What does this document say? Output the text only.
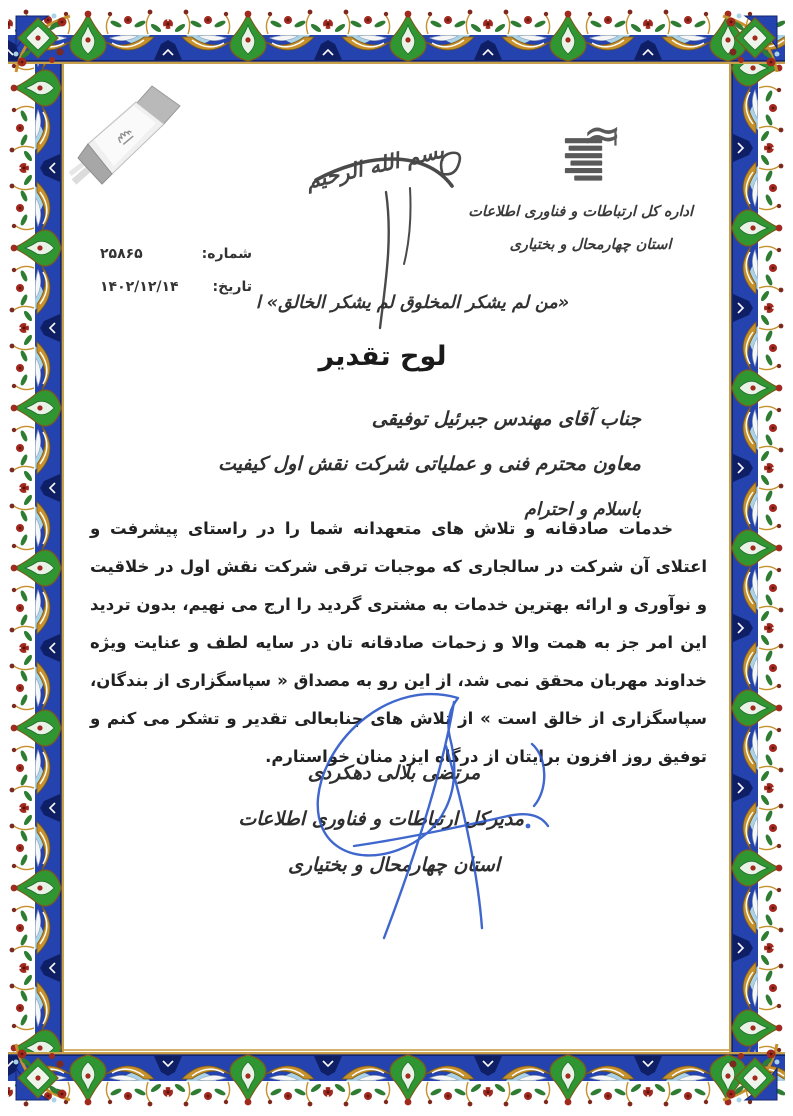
بسم الله الرحیم
اداره کل ارتباطات و فناوری اطلاعات
استان چهارمحال و بختیاری
شماره:
۲۵۸۶۵
تاریخ:
۱۴۰۲/۱۲/۱۴
«من لم یشکر المخلوق لم یشکر الخالق» ا
لوح تقدیر
جناب آقای مهندس جبرئیل توفیقی
معاون محترم فنی و عملیاتی شرکت نقش اول کیفیت
باسلام و احترام
خدمات صادقانه و تلاش های متعهدانه شما را در راستای پیشرفت و اعتلای آن شرکت در سالجاری که موجبات ترقی شرکت نقش اول در خلاقیت و نوآوری و ارائه بهترین خدمات به مشتری گردید را ارج می نهیم، بدون تردید این امر جز به همت والا و زحمات صادقانه تان در سایه لطف و عنایت ویژه خداوند مهربان محقق نمی شد، از این رو به مصداق « سپاسگزاری از بندگان، سپاسگزاری از خالق است » از تلاش های جنابعالی تقدیر و تشکر می کنم و توفیق روز افزون برایتان از درگاه ایزد منان خواستارم.
مرتضی بلالی دهکردی
مدیرکل ارتباطات و فناوری اطلاعات
استان چهارمحال و بختیاری
